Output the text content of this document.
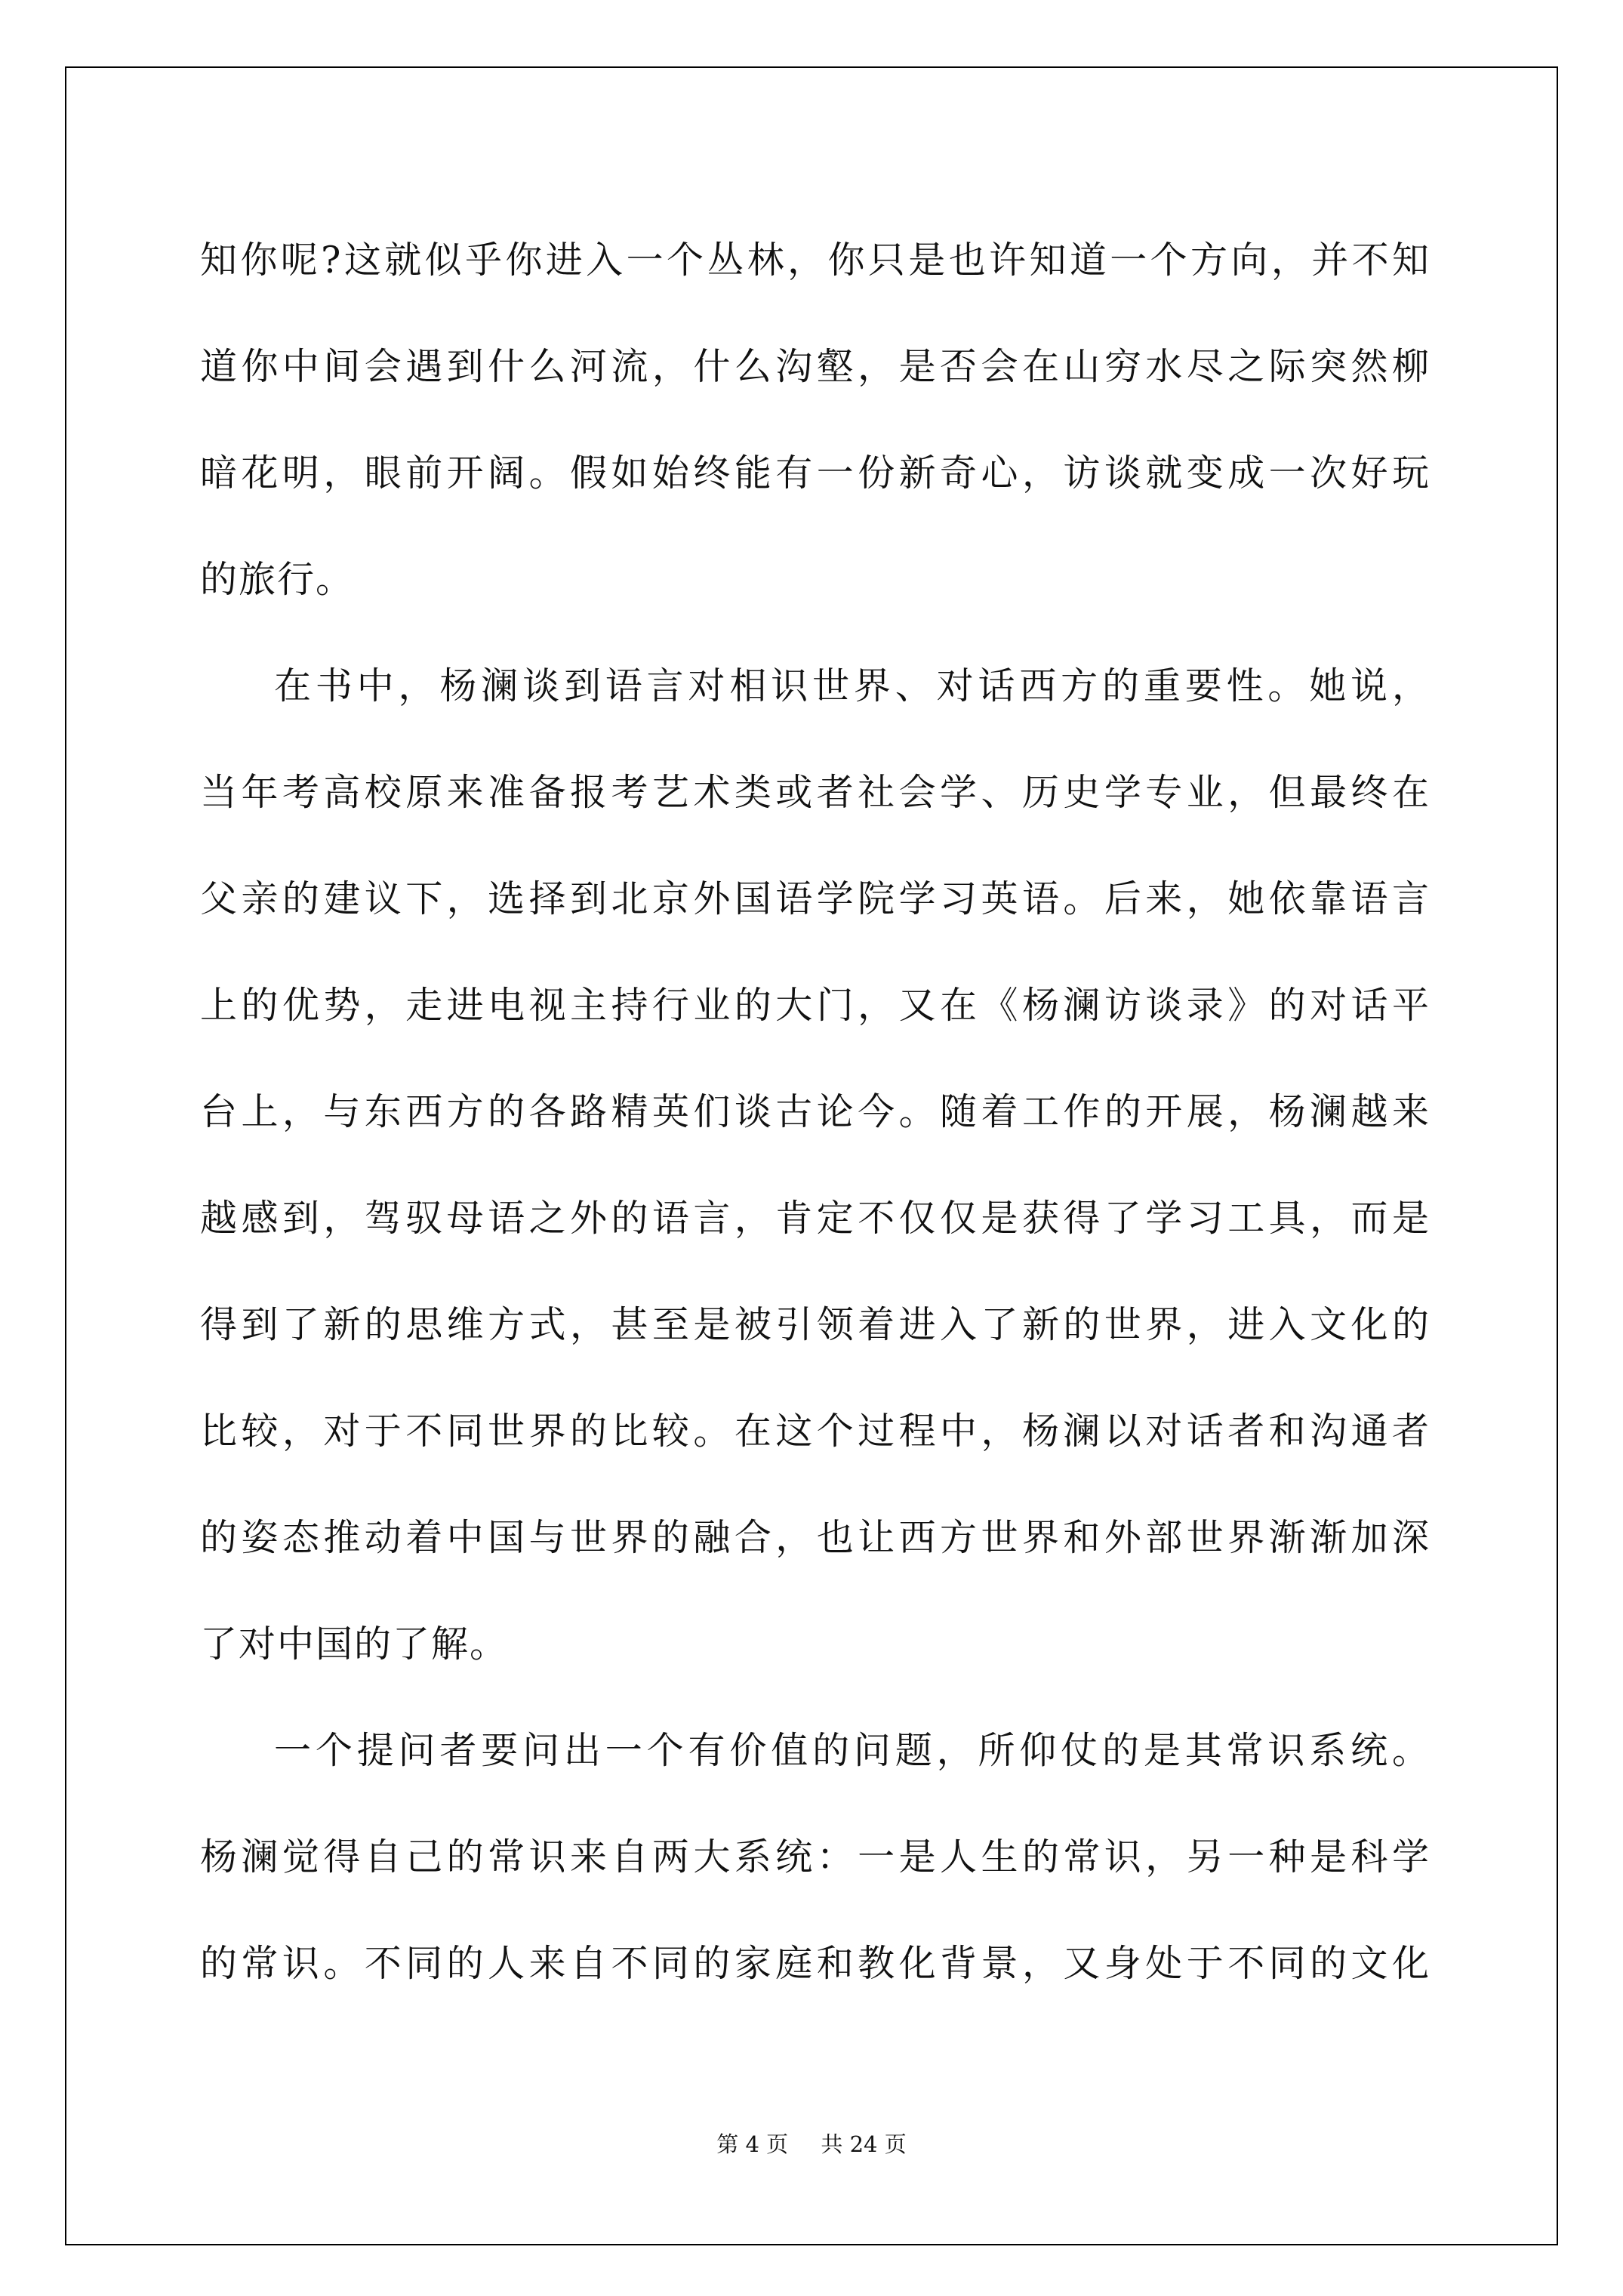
知你呢?这就似乎你进入一个丛林，你只是也许知道一个方向，并不知
道你中间会遇到什么河流，什么沟壑，是否会在山穷水尽之际突然柳
暗花明，眼前开阔。假如始终能有一份新奇心，访谈就变成一次好玩
的旅行。
在书中，杨澜谈到语言对相识世界、对话西方的重要性。她说，
当年考高校原来准备报考艺术类或者社会学、历史学专业，但最终在
父亲的建议下，选择到北京外国语学院学习英语。后来，她依靠语言
上的优势，走进电视主持行业的大门，又在《杨澜访谈录》的对话平
台上，与东西方的各路精英们谈古论今。随着工作的开展，杨澜越来
越感到，驾驭母语之外的语言，肯定不仅仅是获得了学习工具，而是
得到了新的思维方式，甚至是被引领着进入了新的世界，进入文化的
比较，对于不同世界的比较。在这个过程中，杨澜以对话者和沟通者
的姿态推动着中国与世界的融合，也让西方世界和外部世界渐渐加深
了对中国的了解。
一个提问者要问出一个有价值的问题，所仰仗的是其常识系统。
杨澜觉得自己的常识来自两大系统：一是人生的常识，另一种是科学
的常识。不同的人来自不同的家庭和教化背景，又身处于不同的文化
第 4 页 共 24 页
